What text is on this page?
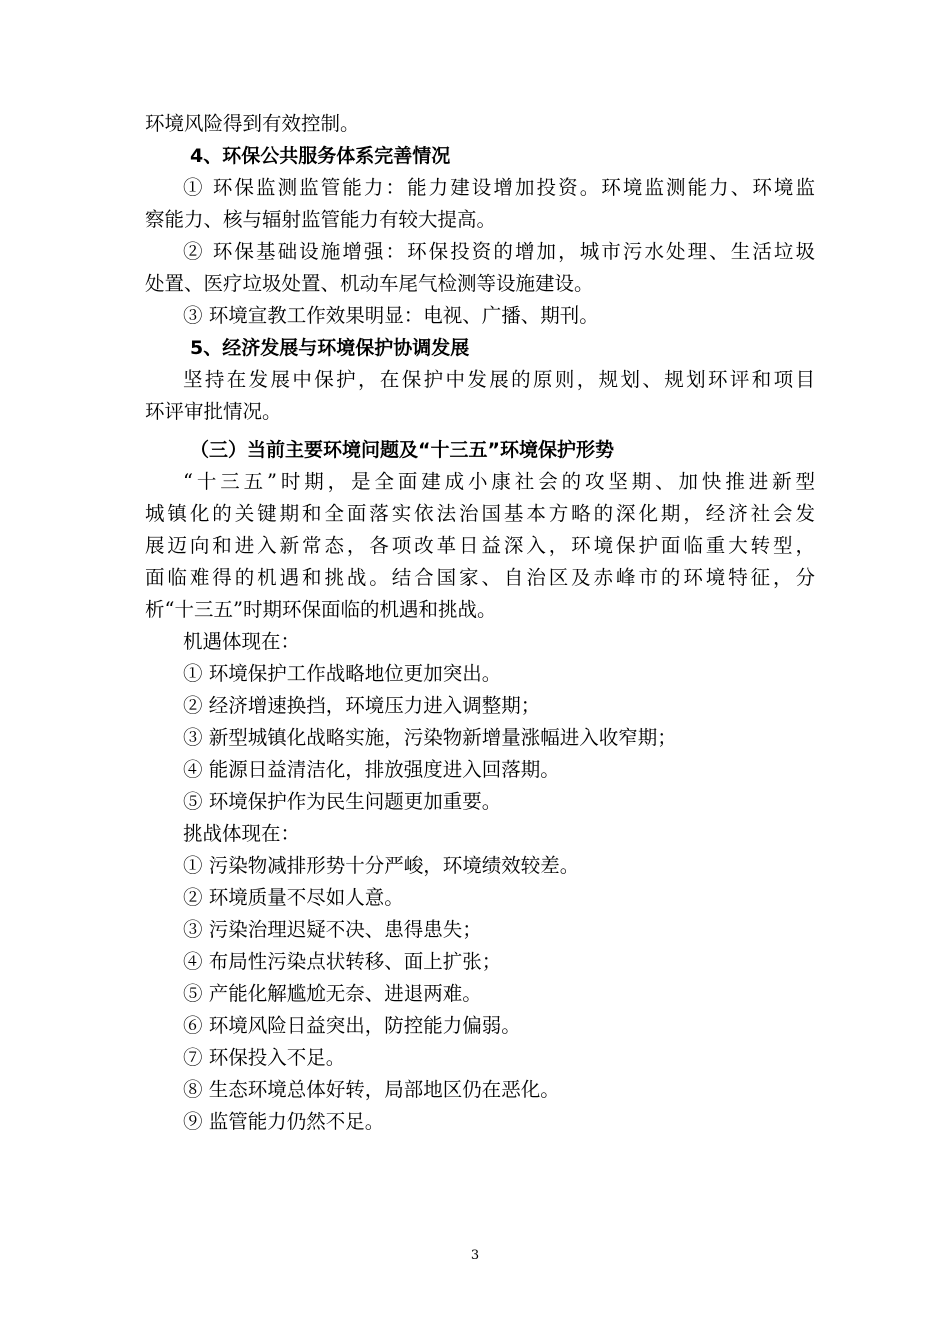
环境风险得到有效控制。
4、环保公共服务体系完善情况
① 环保监测监管能力：能力建设增加投资。环境监测能力、环境监
察能力、核与辐射监管能力有较大提高。
② 环保基础设施增强：环保投资的增加，城市污水处理、生活垃圾
处置、医疗垃圾处置、机动车尾气检测等设施建设。
③ 环境宣教工作效果明显：电视、广播、期刊。
5、经济发展与环境保护协调发展
坚持在发展中保护，在保护中发展的原则，规划、规划环评和项目
环评审批情况。
（三）当前主要环境问题及“十三五”环境保护形势
“十三五”时期，是全面建成小康社会的攻坚期、加快推进新型
城镇化的关键期和全面落实依法治国基本方略的深化期，经济社会发
展迈向和进入新常态，各项改革日益深入，环境保护面临重大转型，
面临难得的机遇和挑战。结合国家、自治区及赤峰市的环境特征，分
析“十三五”时期环保面临的机遇和挑战。
机遇体现在：
① 环境保护工作战略地位更加突出。
② 经济增速换挡，环境压力进入调整期；
③ 新型城镇化战略实施，污染物新增量涨幅进入收窄期；
④ 能源日益清洁化，排放强度进入回落期。
⑤ 环境保护作为民生问题更加重要。
挑战体现在：
① 污染物减排形势十分严峻，环境绩效较差。
② 环境质量不尽如人意。
③ 污染治理迟疑不决、患得患失；
④ 布局性污染点状转移、面上扩张；
⑤ 产能化解尴尬无奈、进退两难。
⑥ 环境风险日益突出，防控能力偏弱。
⑦ 环保投入不足。
⑧ 生态环境总体好转，局部地区仍在恶化。
⑨ 监管能力仍然不足。
3
